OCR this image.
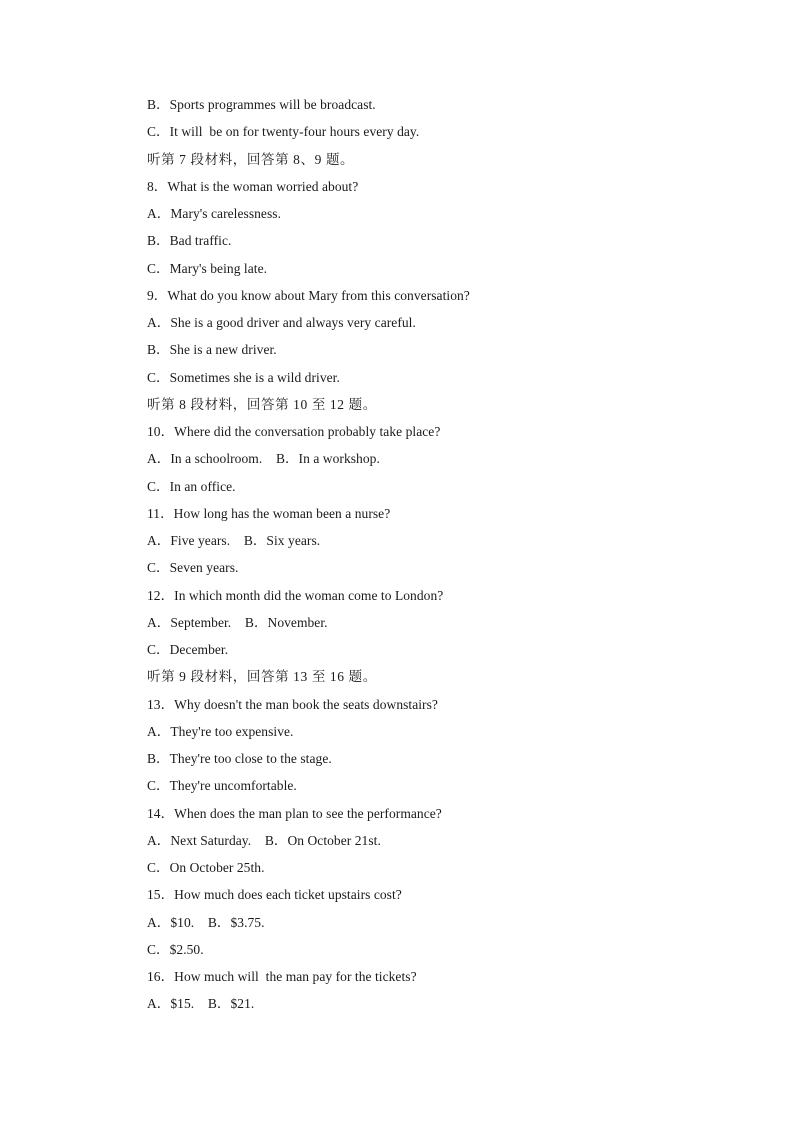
B．Sports programmes will be broadcast.
C．It will  be on for twenty-four hours every day.
听第 7 段材料，回答第 8、9 题。
8．What is the woman worried about?
A．Mary's carelessness.
B．Bad traffic.
C．Mary's being late.
9．What do you know about Mary from this conversation?
A．She is a good driver and always very careful.
B．She is a new driver.
C．Sometimes she is a wild driver.
听第 8 段材料，回答第 10 至 12 题。
10．Where did the conversation probably take place?
A．In a schoolroom.    B．In a workshop.
C．In an office.
11．How long has the woman been a nurse?
A．Five years.    B．Six years.
C．Seven years.
12．In which month did the woman come to London?
A．September.    B．November.
C．December.
听第 9 段材料，回答第 13 至 16 题。
13．Why doesn't the man book the seats downstairs?
A．They're too expensive.
B．They're too close to the stage.
C．They're uncomfortable.
14．When does the man plan to see the performance?
A．Next Saturday.    B．On October 21st.
C．On October 25th.
15．How much does each ticket upstairs cost?
A．$10.    B．$3.75.
C．$2.50.
16．How much will  the man pay for the tickets?
A．$15.    B．$21.
